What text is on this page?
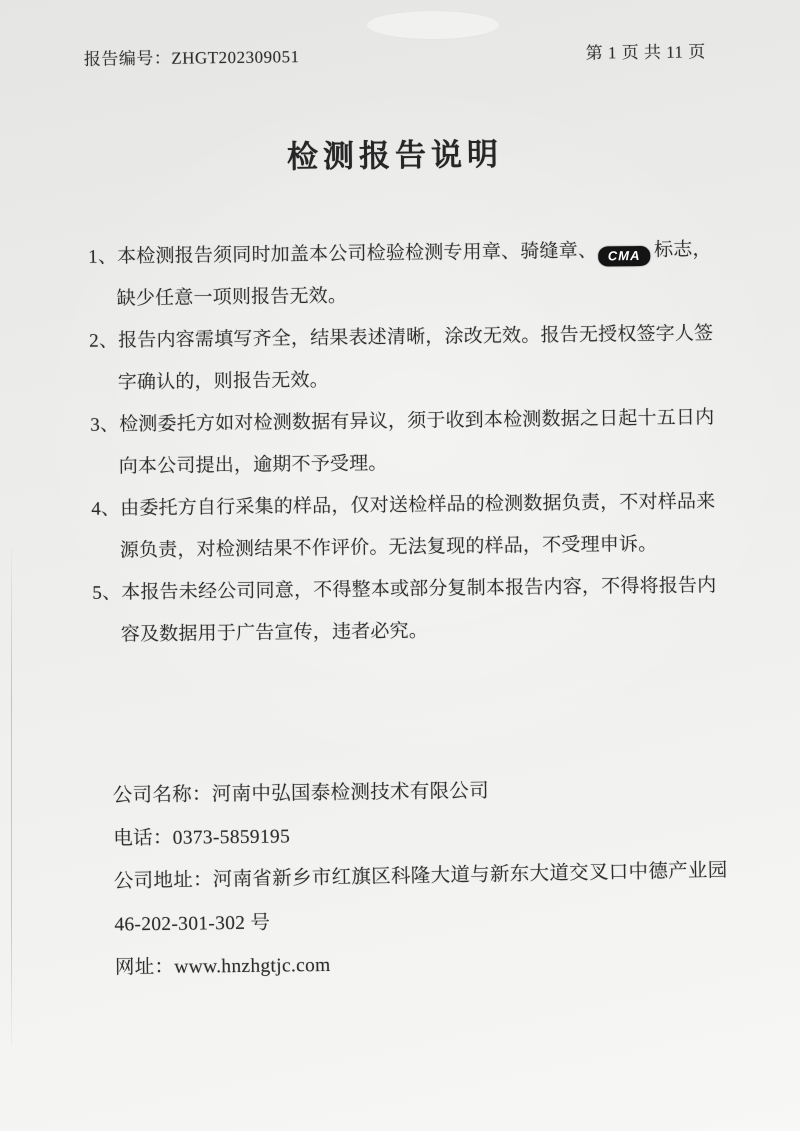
报告编号：ZHGT202309051	第 1 页 共 11 页
检测报告说明
1、本检测报告须同时加盖本公司检验检测专用章、骑缝章、 CMA 标志，缺少任意一项则报告无效。
2、报告内容需填写齐全，结果表述清晰，涂改无效。报告无授权签字人签字确认的，则报告无效。
3、检测委托方如对检测数据有异议，须于收到本检测数据之日起十五日内向本公司提出，逾期不予受理。
4、由委托方自行采集的样品，仅对送检样品的检测数据负责，不对样品来源负责，对检测结果不作评价。无法复现的样品，不受理申诉。
5、本报告未经公司同意，不得整本或部分复制本报告内容，不得将报告内容及数据用于广告宣传，违者必究。
公司名称：河南中弘国泰检测技术有限公司
电话：0373-5859195
公司地址：河南省新乡市红旗区科隆大道与新东大道交叉口中德产业园
46-202-301-302 号
网址：www.hnzhgtjc.com
